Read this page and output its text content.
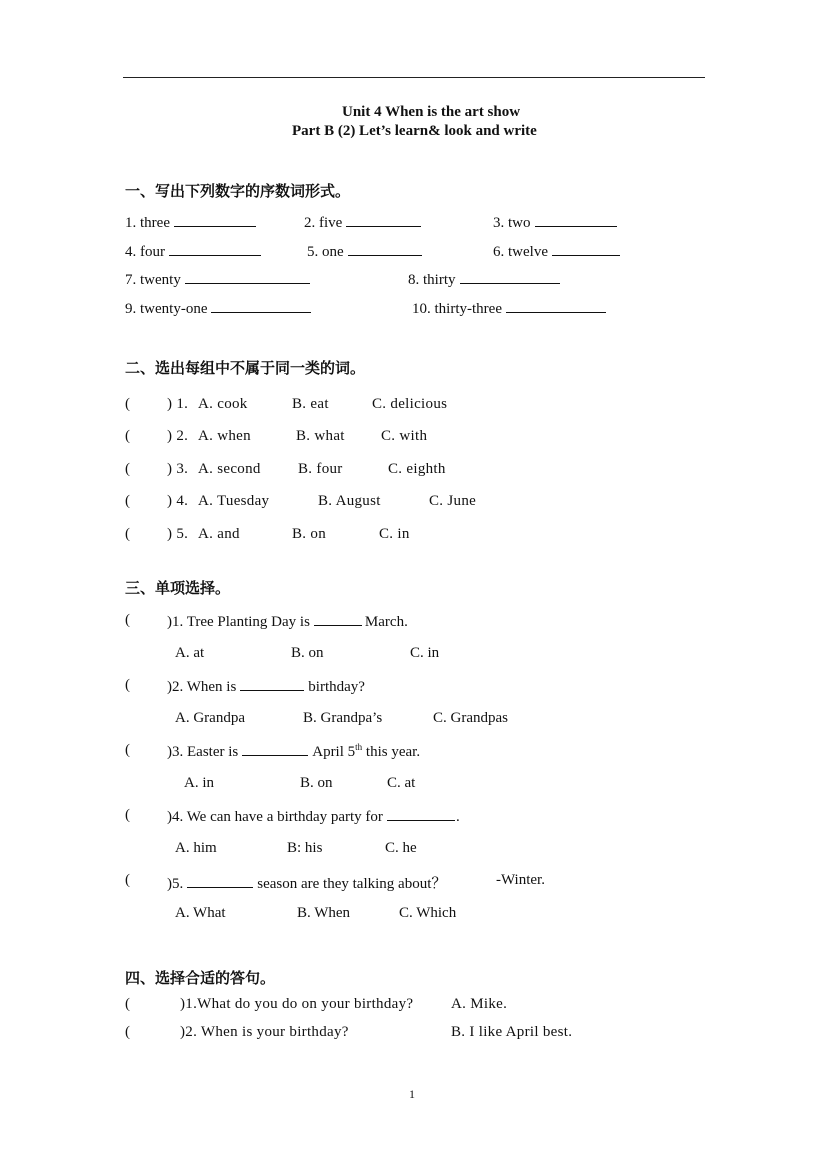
Unit 4 When is the art show
Part B (2) Let’s learn& look and write
一、写出下列数字的序数词形式。
1. three	2. five	3. two
4. four	5. one	6. twelve
7. twenty	8. thirty
9. twenty-one	10. thirty-three
二、选出每组中不属于同一类的词。
( ) 1. A. cook	B. eat	C. delicious
( ) 2. A. when	B. what C. with
( ) 3. A. second B. four	C. eighth
( ) 4. A. Tuesday	B. August	C. June
( ) 5. A. and	B. on	C. in
三、单项选择。
( )1. Tree Planting Day is	March.
A. at	B. on	C. in
( )2. When is	birthday?
A. Grandpa	B. Grandpa’s	C. Grandpas
( )3. Easter is	April 5th this year.
A. in	B. on	C. at
( )4. We can have a birthday party for	.
A. him	B: his	C. he
( )5.	season are they talking about？	-Winter.
A. What	B. When	C. Which
四、选择合适的答句。
(	)1.What do you do on your birthday?	A. Mike.
(	)2. When is your birthday?	B. I like April best.
1
